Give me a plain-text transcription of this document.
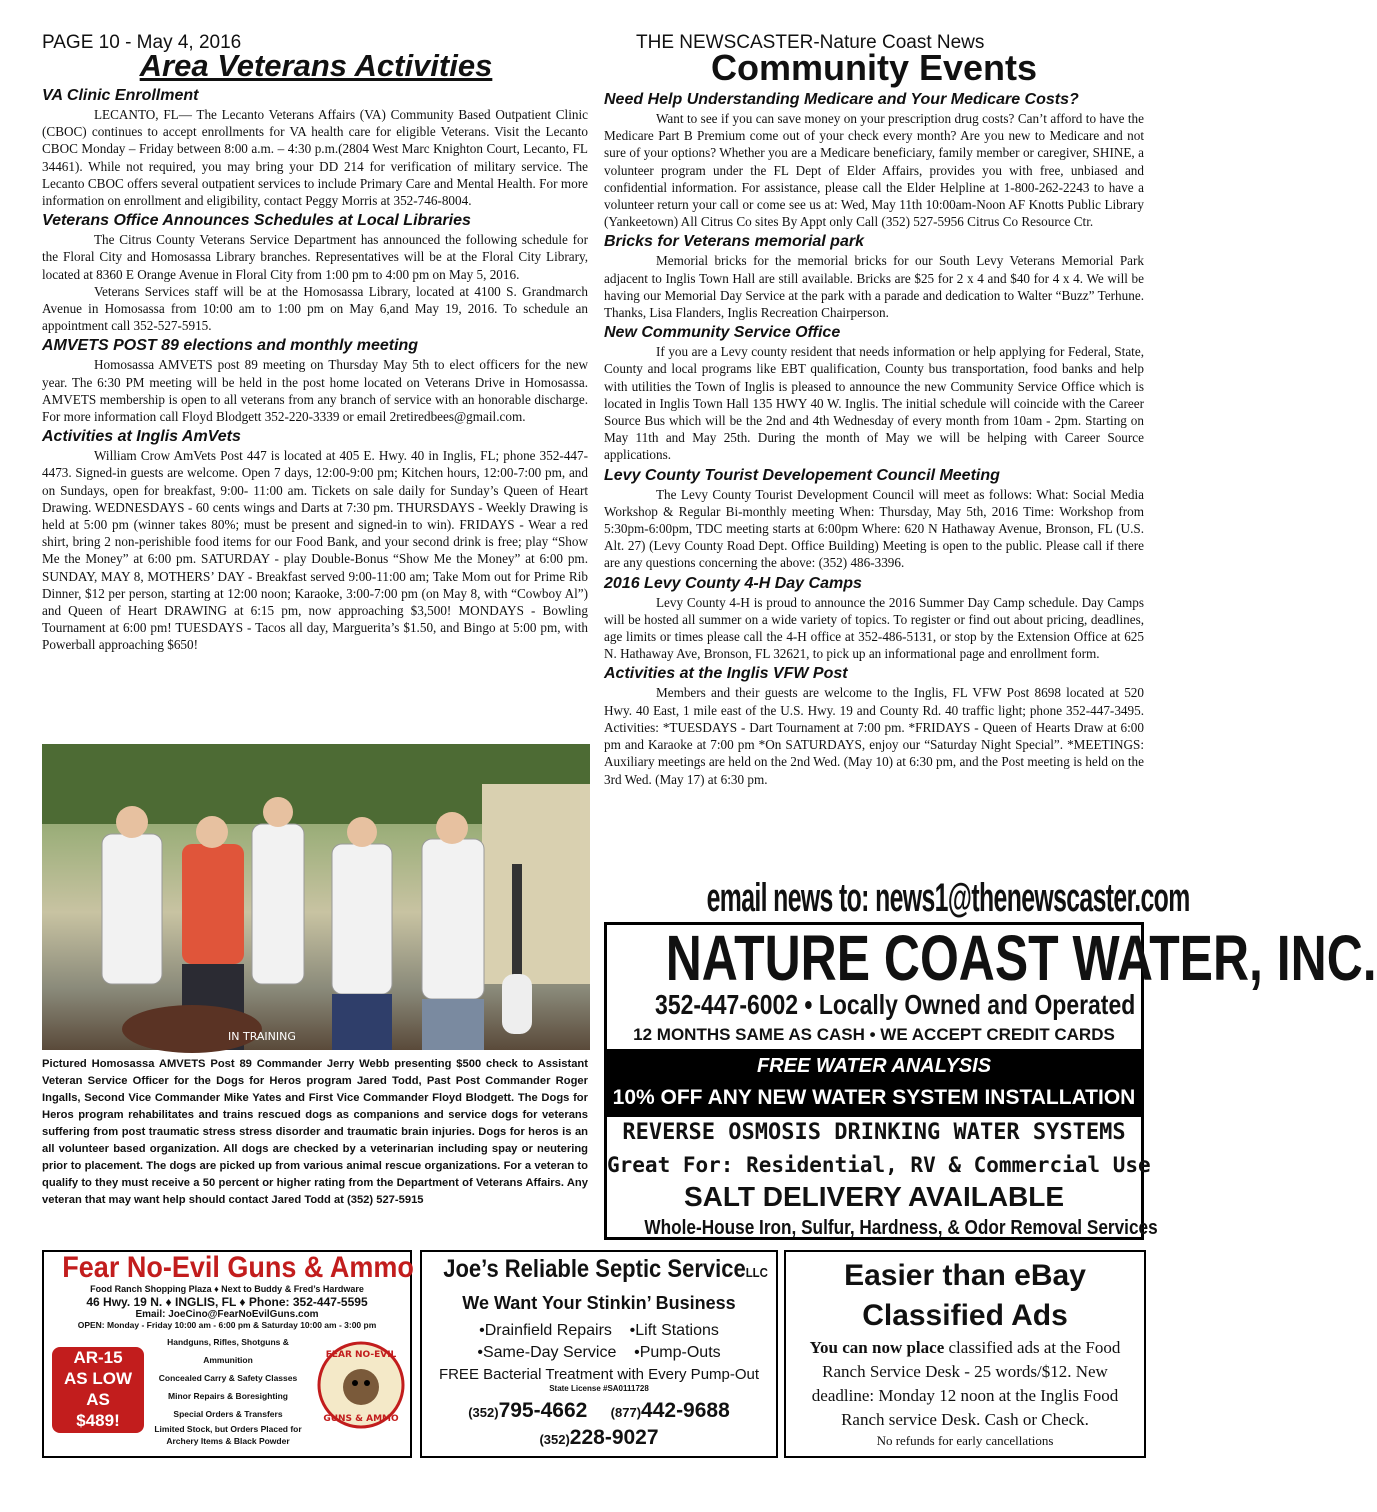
PAGE 10 - May 4, 2016	THE NEWSCASTER-Nature Coast News
Area Veterans Activities	Community Events
VA Clinic Enrollment

LECANTO, FL— The Lecanto Veterans Affairs (VA) Community Based Outpatient Clinic (CBOC) continues to accept enrollments for VA health care for eligible Veterans. Visit the Lecanto CBOC Monday – Friday between 8:00 a.m. – 4:30 p.m.(2804 West Marc Knighton Court, Lecanto, FL 34461). While not required, you may bring your DD 214 for verification of military service. The Lecanto CBOC offers several outpatient services to include Primary Care and Mental Health. For more information on enrollment and eligibility, contact Peggy Morris at 352-746-8004.

Veterans Office Announces Schedules at Local Libraries

The Citrus County Veterans Service Department has announced the following schedule for the Floral City and Homosassa Library branches. Representatives will be at the Floral City Library, located at 8360 E Orange Avenue in Floral City from 1:00 pm to 4:00 pm on May 5, 2016.

Veterans Services staff will be at the Homosassa Library, located at 4100 S. Grandmarch Avenue in Homosassa from 10:00 am to 1:00 pm on May 6,and May 19, 2016. To schedule an appointment call 352-527-5915.

AMVETS POST 89 elections and monthly meeting

Homosassa AMVETS post 89 meeting on Thursday May 5th to elect officers for the new year. The 6:30 PM meeting will be held in the post home located on Veterans Drive in Homosassa. AMVETS membership is open to all veterans from any branch of service with an honorable discharge. For more information call Floyd Blodgett 352-220-3339 or email 2retiredbees@gmail.com.

Activities at Inglis AmVets

William Crow AmVets Post 447 is located at 405 E. Hwy. 40 in Inglis, FL; phone 352-447-4473. Signed-in guests are welcome. Open 7 days, 12:00-9:00 pm; Kitchen hours, 12:00-7:00 pm, and on Sundays, open for breakfast, 9:00- 11:00 am. Tickets on sale daily for Sunday’s Queen of Heart Drawing. WEDNESDAYS - 60 cents wings and Darts at 7:30 pm. THURSDAYS - Weekly Drawing is held at 5:00 pm (winner takes 80%; must be present and signed-in to win). FRIDAYS - Wear a red shirt, bring 2 non-perishible food items for our Food Bank, and your second drink is free; play “Show Me the Money” at 6:00 pm. SATURDAY - play Double-Bonus “Show Me the Money” at 6:00 pm. SUNDAY, MAY 8, MOTHERS’ DAY - Breakfast served 9:00-11:00 am; Take Mom out for Prime Rib Dinner, $12 per person, starting at 12:00 noon; Karaoke, 3:00-7:00 pm (on May 8, with “Cowboy Al”) and Queen of Heart DRAWING at 6:15 pm, now approaching $3,500! MONDAYS - Bowling Tournament at 6:00 pm! TUESDAYS - Tacos all day, Marguerita’s $1.50, and Bingo at 5:00 pm, with Powerball approaching $650!

IN TRAINING
Pictured Homosassa AMVETS Post 89 Commander Jerry Webb presenting $500 check to Assistant Veteran Service Officer for the Dogs for Heros program Jared Todd, Past Post Commander Roger Ingalls, Second Vice Commander Mike Yates and First Vice Commander Floyd Blodgett. The Dogs for Heros program rehabilitates and trains rescued dogs as companions and service dogs for veterans suffering from post traumatic stress stress disorder and traumatic brain injuries. Dogs for heros is an all volunteer based organization. All dogs are checked by a veterinarian including spay or neutering prior to placement. The dogs are picked up from various animal rescue organizations. For a veteran to qualify to they must receive a 50 percent or higher rating from the Department of Veterans Affairs. Any veteran that may want help should contact Jared Todd at (352) 527-5915
Need Help Understanding Medicare and Your Medicare Costs?

Want to see if you can save money on your prescription drug costs? Can’t afford to have the Medicare Part B Premium come out of your check every month? Are you new to Medicare and not sure of your options? Whether you are a Medicare beneficiary, family member or caregiver, SHINE, a volunteer program under the FL Dept of Elder Affairs, provides you with free, unbiased and confidential information. For assistance, please call the Elder Helpline at 1-800-262-2243 to have a volunteer return your call or come see us at: Wed, May 11th 10:00am-Noon AF Knotts Public Library (Yankeetown) All Citrus Co sites By Appt only Call (352) 527-5956 Citrus Co Resource Ctr.

Bricks for Veterans memorial park

Memorial bricks for the memorial bricks for our South Levy Veterans Memorial Park adjacent to Inglis Town Hall are still available. Bricks are $25 for 2 x 4 and $40 for 4 x 4. We will be having our Memorial Day Service at the park with a parade and dedication to Walter “Buzz” Terhune. Thanks, Lisa Flanders, Inglis Recreation Chairperson.

New Community Service Office

If you are a Levy county resident that needs information or help applying for Federal, State, County and local programs like EBT qualification, County bus transportation, food banks and help with utilities the Town of Inglis is pleased to announce the new Community Service Office which is located in Inglis Town Hall 135 HWY 40 W. Inglis. The initial schedule will coincide with the Career Source Bus which will be the 2nd and 4th Wednesday of every month from 10am - 2pm. Starting on May 11th and May 25th. During the month of May we will be helping with Career Source applications.

Levy County Tourist Developement Council Meeting

The Levy County Tourist Development Council will meet as follows: What: Social Media Workshop & Regular Bi-monthly meeting When: Thursday, May 5th, 2016 Time: Workshop from 5:30pm-6:00pm, TDC meeting starts at 6:00pm Where: 620 N Hathaway Avenue, Bronson, FL (U.S. Alt. 27) (Levy County Road Dept. Office Building) Meeting is open to the public. Please call if there are any questions concerning the above: (352) 486-3396.

2016 Levy County 4-H Day Camps

Levy County 4-H is proud to announce the 2016 Summer Day Camp schedule. Day Camps will be hosted all summer on a wide variety of topics. To register or find out about pricing, deadlines, age limits or times please call the 4-H office at 352-486-5131, or stop by the Extension Office at 625 N. Hathaway Ave, Bronson, FL 32621, to pick up an informational page and enrollment form.

Activities at the Inglis VFW Post

Members and their guests are welcome to the Inglis, FL VFW Post 8698 located at 520 Hwy. 40 East, 1 mile east of the U.S. Hwy. 19 and County Rd. 40 traffic light; phone 352-447-3495. Activities: *TUESDAYS - Dart Tournament at 7:00 pm. *FRIDAYS - Queen of Hearts Draw at 6:00 pm and Karaoke at 7:00 pm *On SATURDAYS, enjoy our “Saturday Night Special”. *MEETINGS: Auxiliary meetings are held on the 2nd Wed. (May 10) at 6:30 pm, and the Post meeting is held on the 3rd Wed. (May 17) at 6:30 pm.

email news to: news1@thenewscaster.com
NATURE COAST WATER, INC.
352-447-6002 • Locally Owned and Operated
12 MONTHS SAME AS CASH • WE ACCEPT CREDIT CARDS
FREE WATER ANALYSIS
10% OFF ANY NEW WATER SYSTEM INSTALLATION
REVERSE OSMOSIS DRINKING WATER SYSTEMS
Great For: Residential, RV & Commercial Use
SALT DELIVERY AVAILABLE
Whole-House Iron, Sulfur, Hardness, & Odor Removal Services
Fear No-Evil Guns & Ammo
Food Ranch Shopping Plaza ♦ Next to Buddy & Fred’s Hardware
46 Hwy. 19 N. ♦ INGLIS, FL ♦ Phone: 352-447-5595
Email: JoeCino@FearNoEvilGuns.com
OPEN: Monday - Friday 10:00 am - 6:00 pm & Saturday 10:00 am - 3:00 pm
AR-15
AS LOW
AS
$489!
Handguns, Rifles, Shotguns & Ammunition
Concealed Carry & Safety Classes
Minor Repairs & Boresighting
Special Orders & Transfers
Limited Stock, but Orders Placed for Archery Items & Black Powder
FEAR NO-EVIL
GUNS & AMMO
Joe’s Reliable Septic ServiceLLC
We Want Your Stinkin’ Business
•Drainfield Repairs •Lift Stations
•Same-Day Service •Pump-Outs
FREE Bacterial Treatment with Every Pump-Out
State License #SA0111728
(352)795-4662 (877)442-9688
(352)228-9027
Easier than eBay
Classified Ads
You can now place classified ads at the Food Ranch Service Desk - 25 words/$12. New deadline: Monday 12 noon at the Inglis Food Ranch service Desk. Cash or Check.
No refunds for early cancellations
